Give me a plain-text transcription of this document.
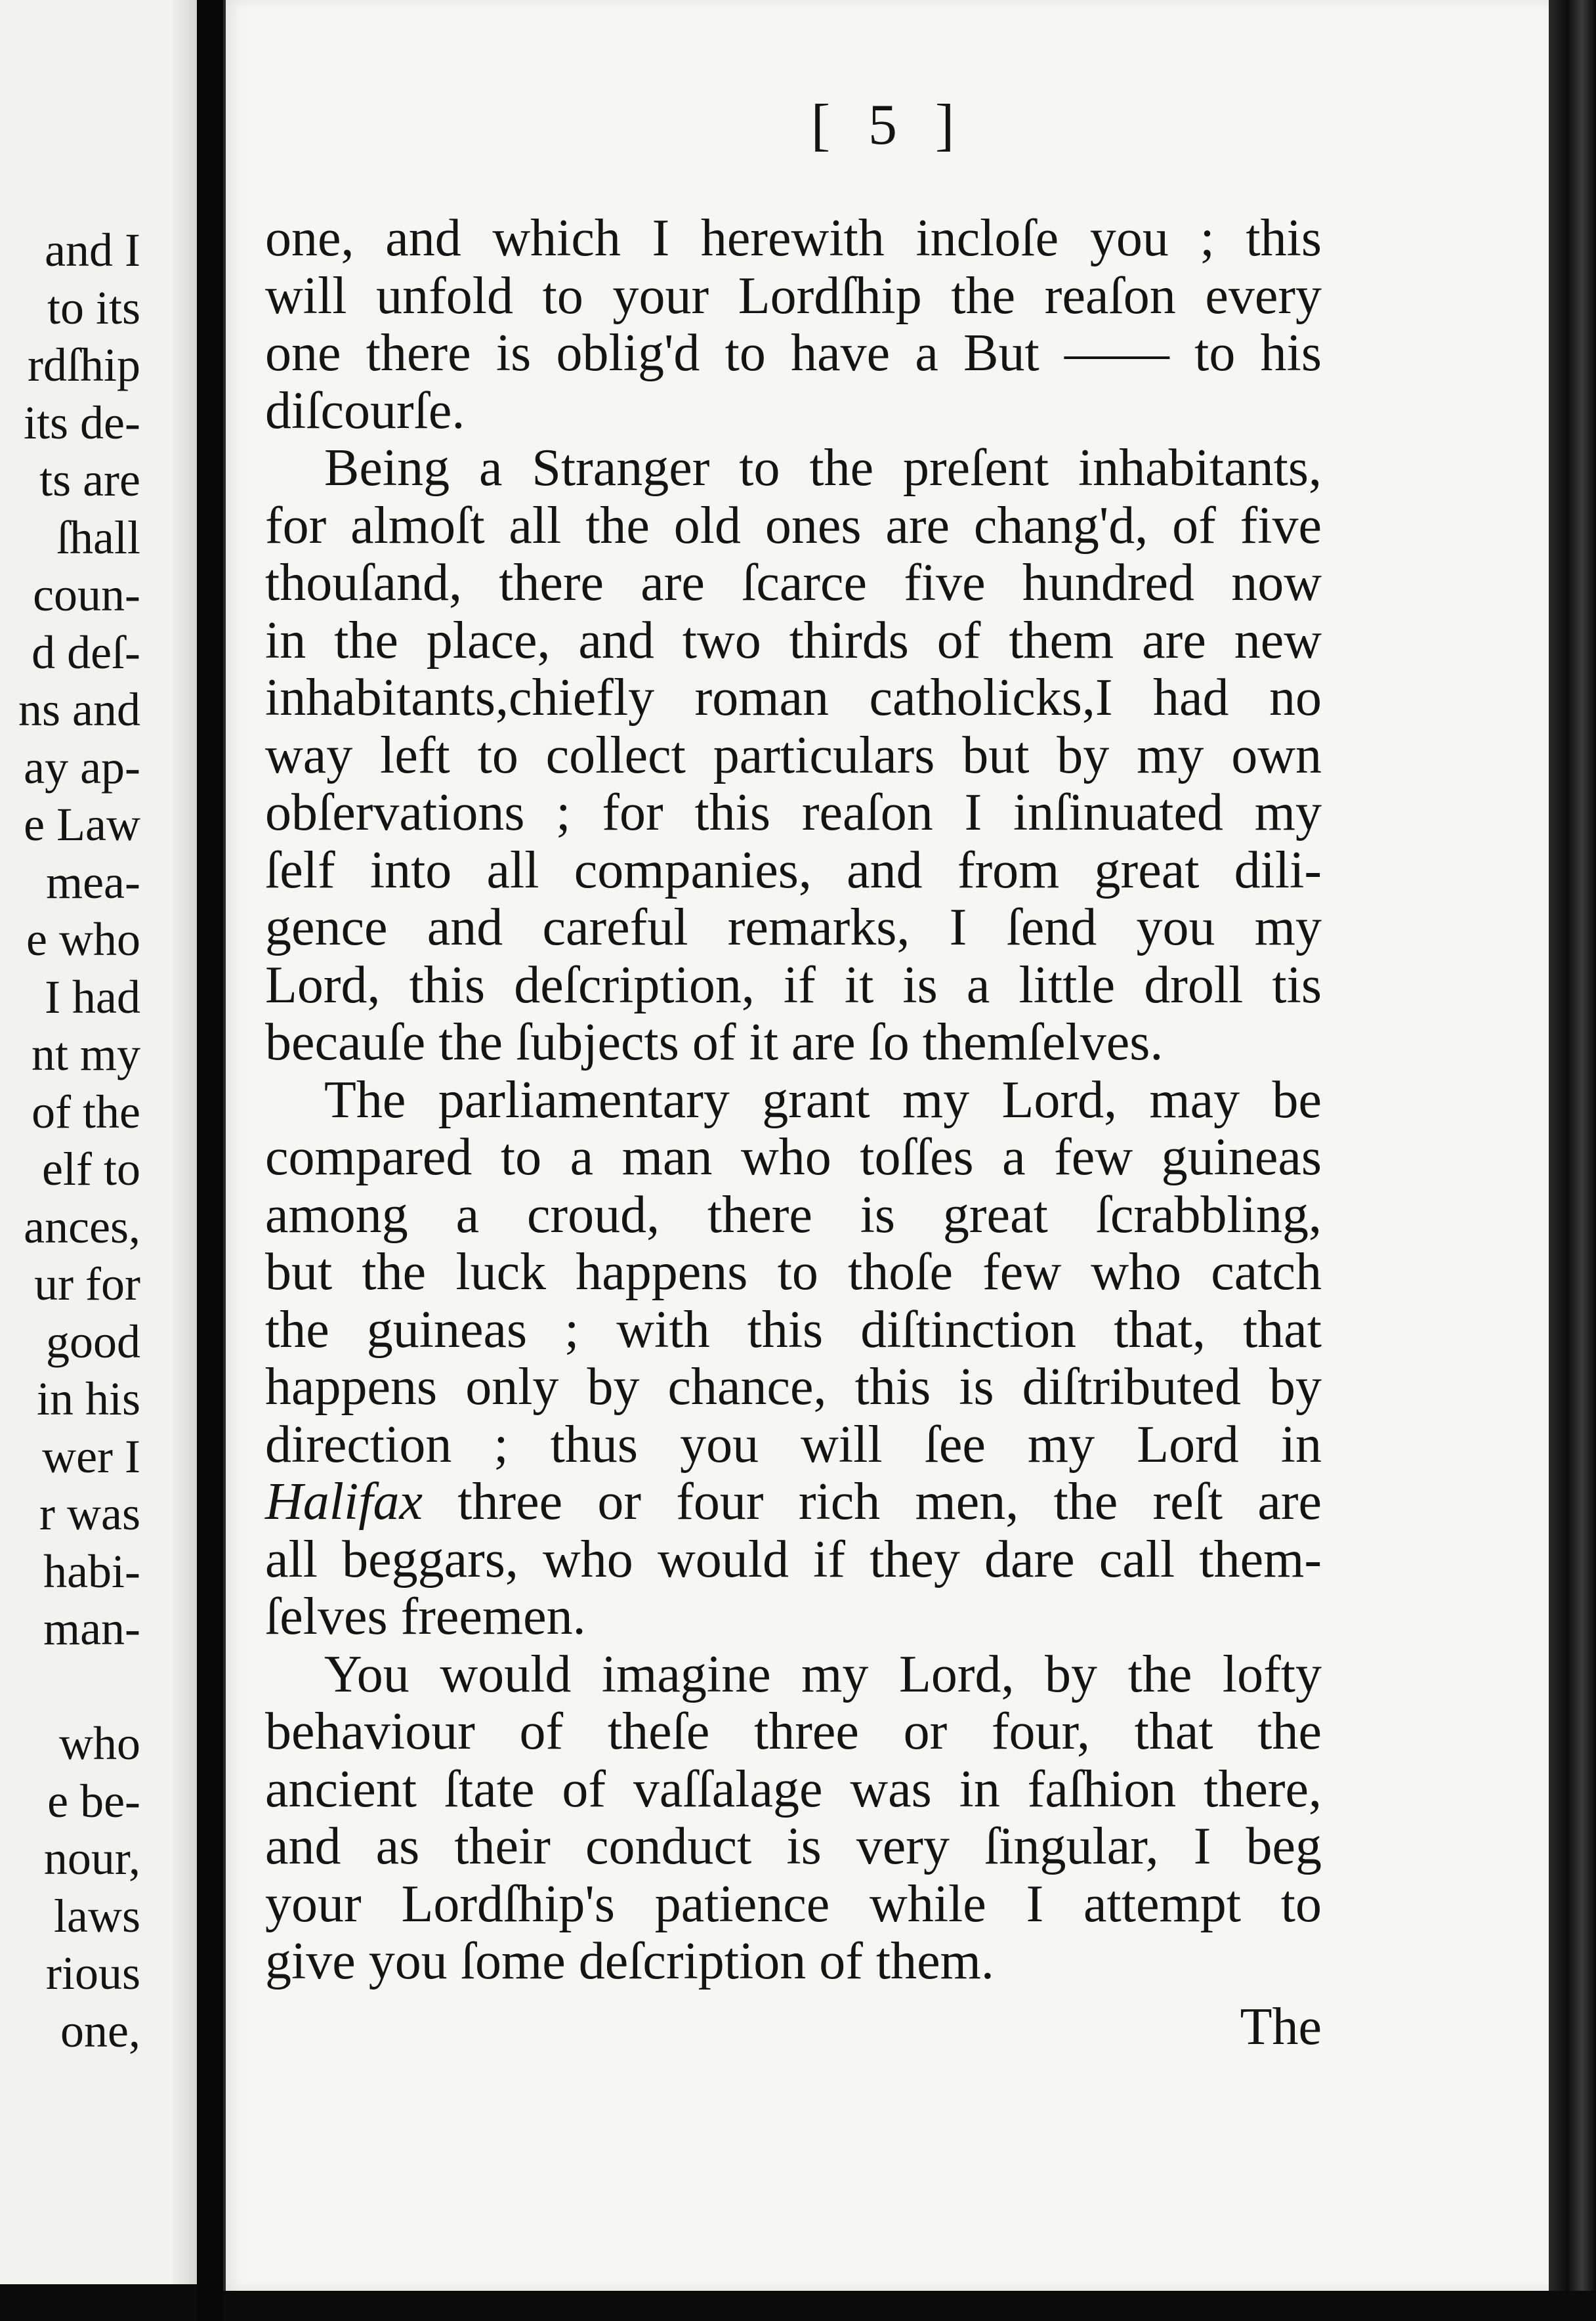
and I
to its
rdſhip
its de-
ts are
ſhall
coun-
d deſ-
ns and
ay ap-
e Law
mea-
e who
I had
nt my
of the
elf to
ances,
ur for
good
in his
wer I
r was
habi-
man-
who
e be-
nour,
laws
rious
one,
[ 5 ]
one, and which I herewith incloſe you ; this
will unfold to your Lordſhip the reaſon every
one there is oblig'd to have a But —— to his
diſcourſe.
Being a Stranger to the preſent inhabitants,
for almoſt all the old ones are chang'd, of five
thouſand, there are ſcarce five hundred now
in the place, and two thirds of them are new
inhabitants,chiefly roman catholicks,I had no
way left to collect particulars but by my own
obſervations ; for this reaſon I inſinuated my
ſelf into all companies, and from great dili-
gence and careful remarks, I ſend you my
Lord, this deſcription, if it is a little droll tis
becauſe the ſubjects of it are ſo themſelves.
The parliamentary grant my Lord, may be
compared to a man who toſſes a few guineas
among a croud, there is great ſcrabbling,
but the luck happens to thoſe few who catch
the guineas ; with this diſtinction that, that
happens only by chance, this is diſtributed by
direction ; thus you will ſee my Lord in
Halifax three or four rich men, the reſt are
all beggars, who would if they dare call them-
ſelves freemen.
You would imagine my Lord, by the lofty
behaviour of theſe three or four, that the
ancient ſtate of vaſſalage was in faſhion there,
and as their conduct is very ſingular, I beg
your Lordſhip's patience while I attempt to
give you ſome deſcription of them.
The
